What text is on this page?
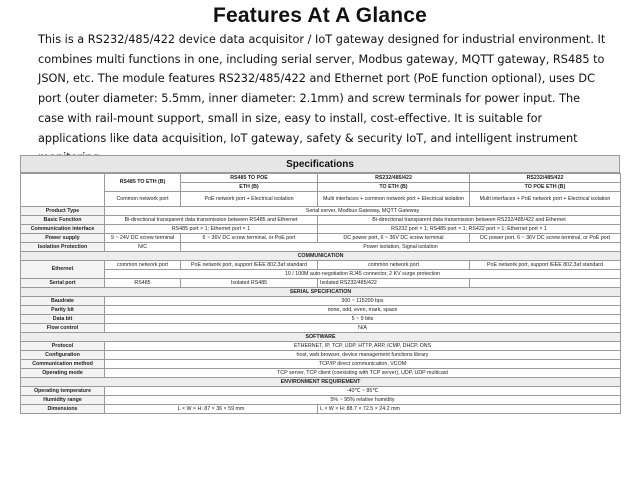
Features At A Glance
This is a RS232/485/422 device data acquisitor / IoT gateway designed for industrial environment. It combines multi functions in one, including serial server, Modbus gateway, MQTT gateway, RS485 to JSON, etc. The module features RS232/485/422 and Ethernet port (PoE function optional), uses DC port (outer diameter: 5.5mm, inner diameter: 2.1mm) and screw terminals for power input. The case with rail-mount support, small in size, easy to install, cost-effective. It is suitable for applications like data acquisition, IoT gateway, safety & security IoT, and intelligent instrument
Specifications
	RS485 TO ETH (B)	RS485 TO POE	RS232/485/422	RS232/485/422
		ETH (B)	TO ETH (B)	TO POE ETH (B)
	Common network port	PoE network port + Electrical isolation	Multi interfaces + common network port + Electrical isolation	Multi interfaces + PoE network port + Electrical isolation
Product Type	Serial server, Modbus Gateway, MQTT Gateway			
Basic Function	Bi-directional transparent data transmission between RS485 and Ethernet		Bi-directional transparent data transmission between RS232/485/422 and Ethernet	
Communication interface	RS485 port × 1; Ethernet port × 1		RS232 port × 1; RS485 port × 1; RS422 port × 1; Ethernet port × 1	
Power supply	9 ~ 24V DC screw terminal	6 ~ 36V DC screw terminal, or PoE port	DC power port, 6 ~ 36V DC screw terminal	DC power port, 6 ~ 36V DC screw terminal, or PoE port
Isolation Protection	N/C	Power isolation, Signal isolation		
COMMUNICATION				
Ethernet	common network port	PoE network port, support IEEE 802.3af standard	common network port	PoE network port, support IEEE 802.3af standard
	10 / 100M auto-negotiation RJ45 connector, 2 KV surge protection			
Serial port	RS485	Isolated RS485	Isolated RS232/485/422	
SERIAL SPECIFICATION				
Baudrate	300 ~ 115200 bps			
Parity bit	none, odd, even, mark, space			
Data bit	5 ~ 9 bits			
Flow control	N/A			
SOFTWARE				
Protocol	ETHERNET, IP, TCP, UDP, HTTP, ARP, ICMP, DHCP, DNS			
Configuration	host, web browser, device management functions library			
Communication method	TCP/IP direct communication, VCOM			
Operating mode	TCP server, TCP client (coexisting with TCP server), UDP, UDP multicast			
ENVIRONMENT REQUIREMENT				
Operating temperature	-40℃ ~ 85℃			
Humidity range	5% ~ 95% relative humidity			
Dimensions	L × W × H: 87 × 36 × 59 mm		L × W × H: 88.7 × 72.5 × 24.2 mm	
